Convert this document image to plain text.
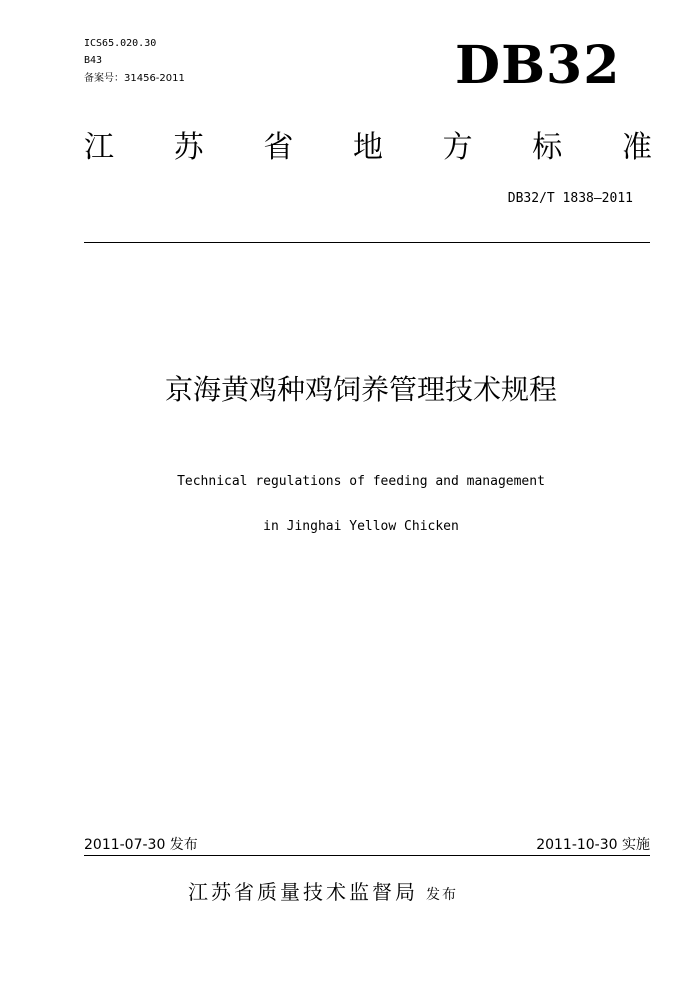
ICS65.020.30
B43
备案号：31456-2011	DB32
江 苏 省 地 方 标 准
DB32/T 1838—2011
京海黄鸡种鸡饲养管理技术规程
Technical regulations of feeding and management
in Jinghai Yellow Chicken
2011-07-30 发布	2011-10-30 实施
江苏省质量技术监督局 发布
